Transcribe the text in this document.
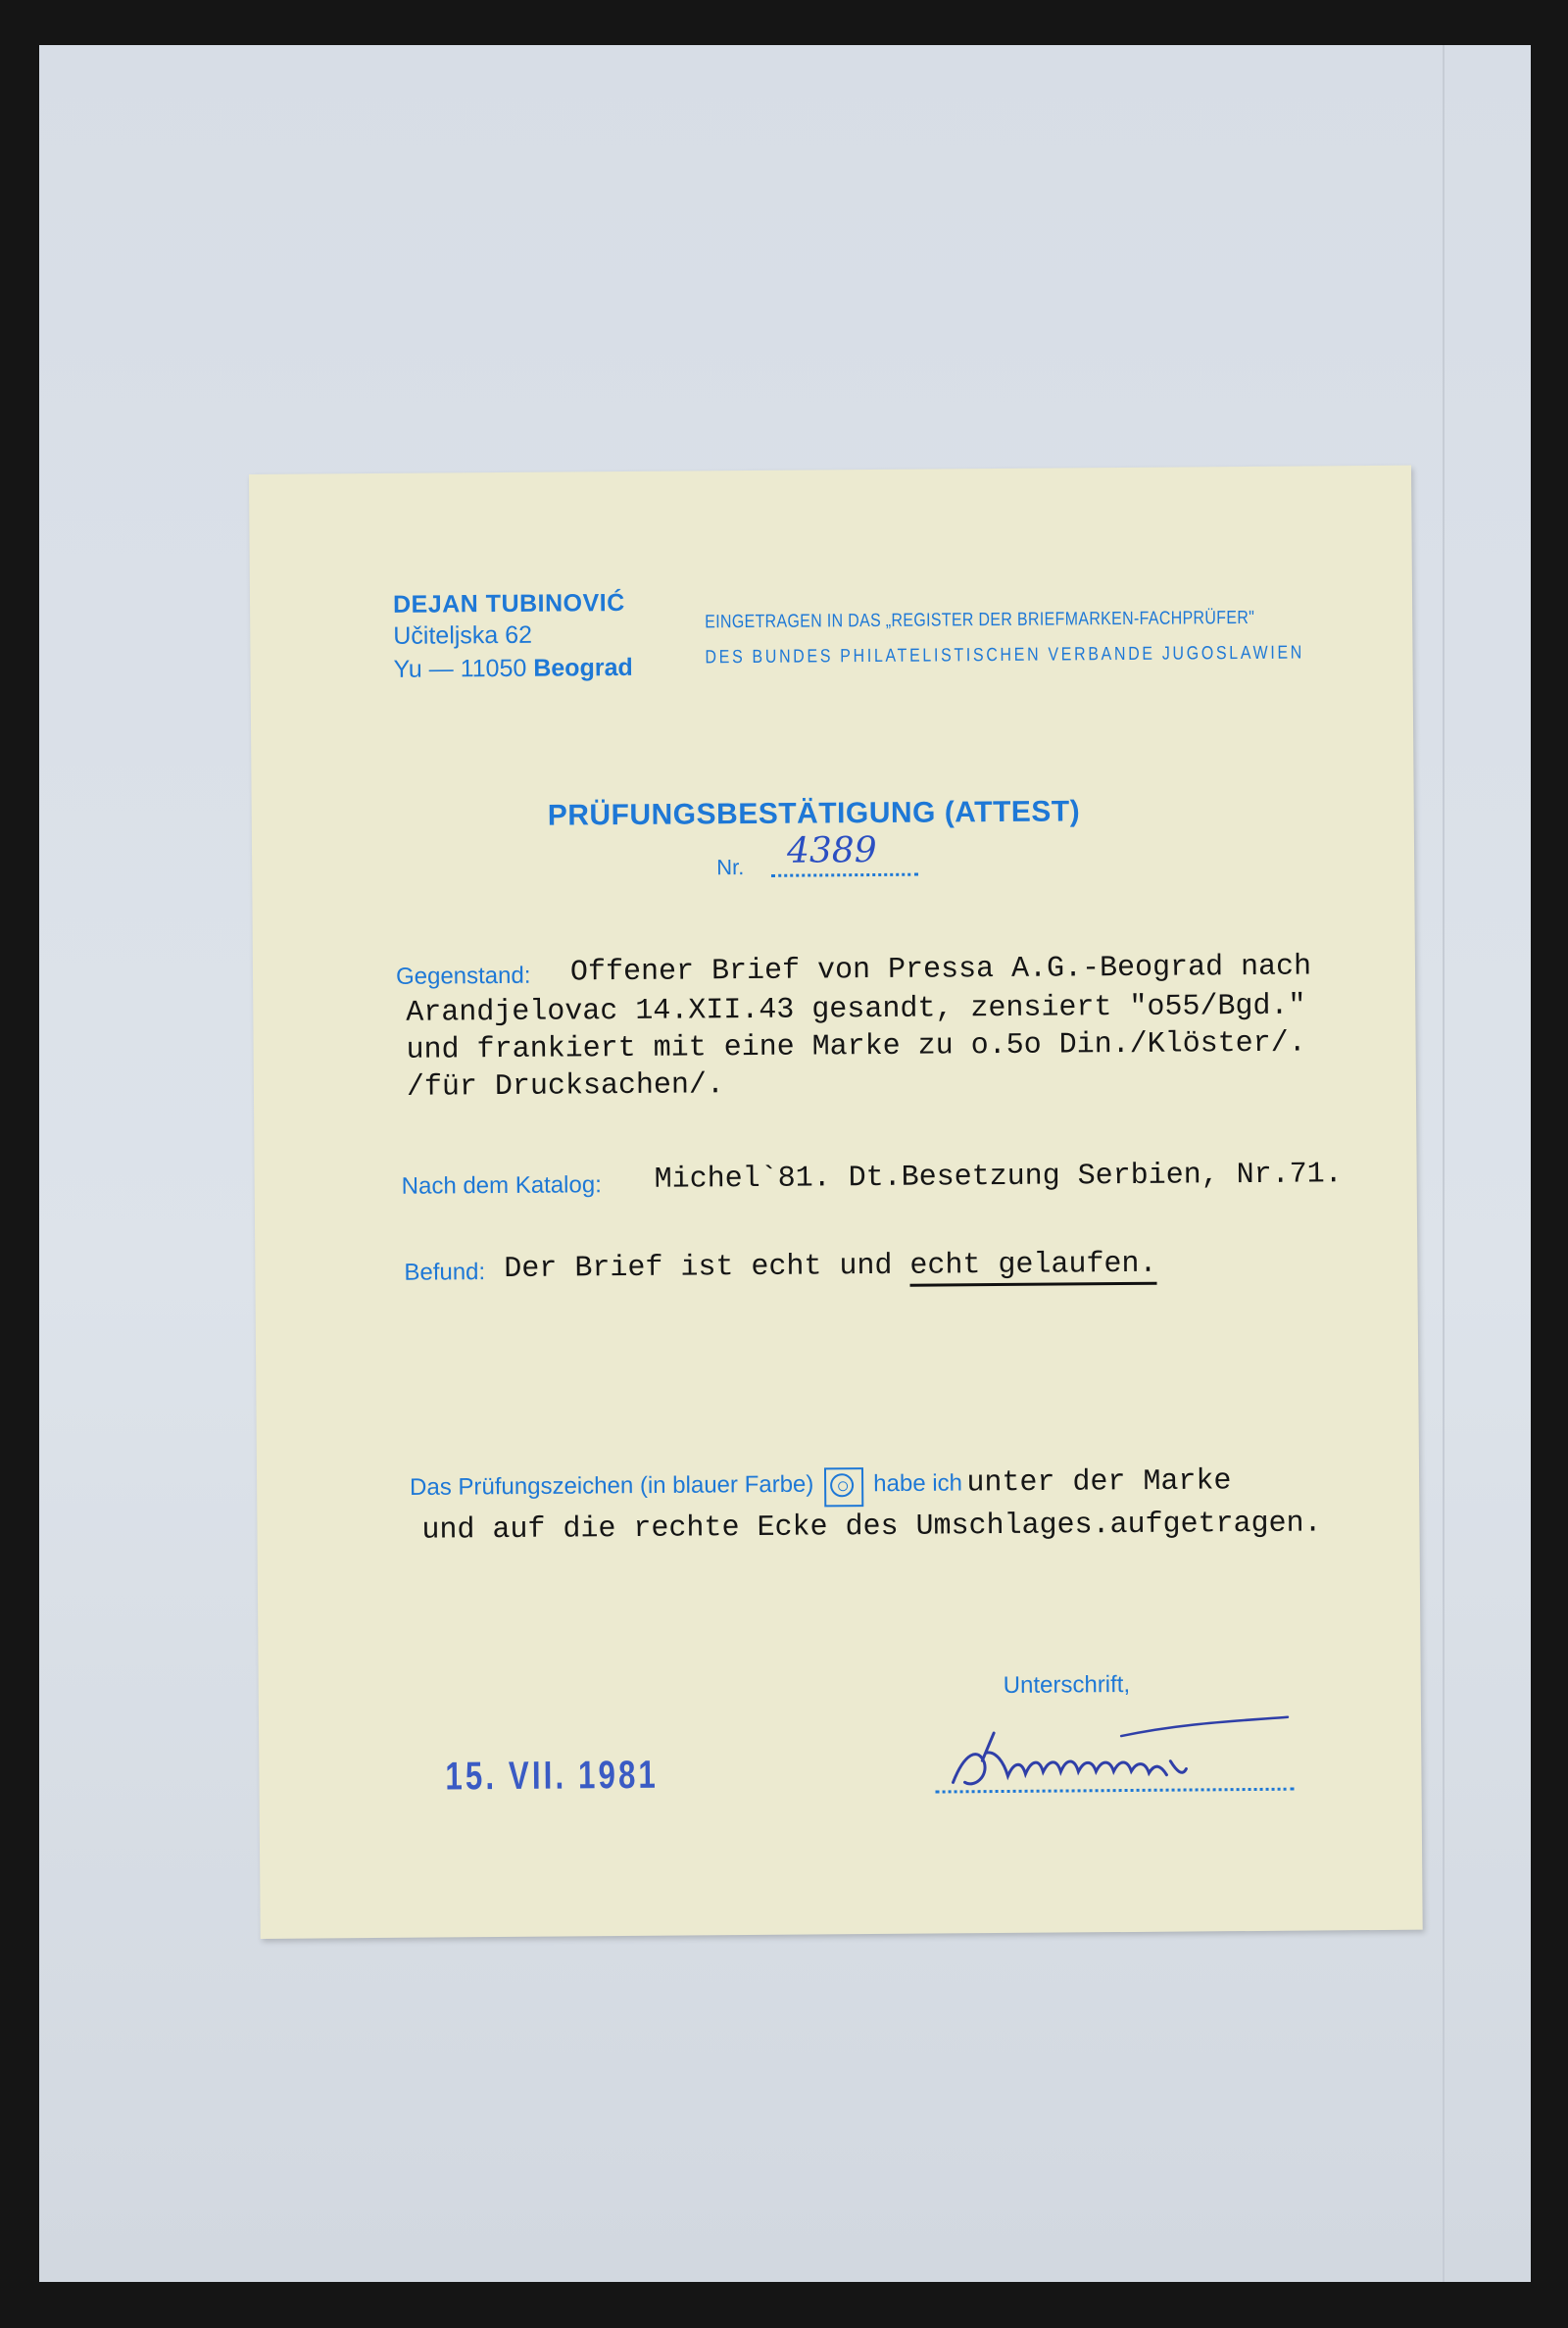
DEJAN TUBINOVIĆ
Učiteljska 62
Yu — 11050 Beograd
EINGETRAGEN IN DAS „REGISTER DER BRIEFMARKEN-FACHPRÜFER"
DES BUNDES PHILATELISTISCHEN VERBANDE JUGOSLAWIEN
PRÜFUNGSBESTÄTIGUNG (ATTEST)
Nr. 4389
Gegenstand: Offener Brief von Pressa A.G.-Beograd nach
Arandjelovac 14.XII.43 gesandt, zensiert "o55/Bgd."
und frankiert mit eine Marke zu o.5o Din./Klöster/.
/für Drucksachen/.
Nach dem Katalog: Michel`81. Dt.Besetzung Serbien, Nr.71.
Befund: Der Brief ist echt und echt gelaufen.
Das Prüfungszeichen (in blauer Farbe)	habe ich unter der Marke
und auf die rechte Ecke des Umschlages.aufgetragen.
Unterschrift,
15. VII. 1981
